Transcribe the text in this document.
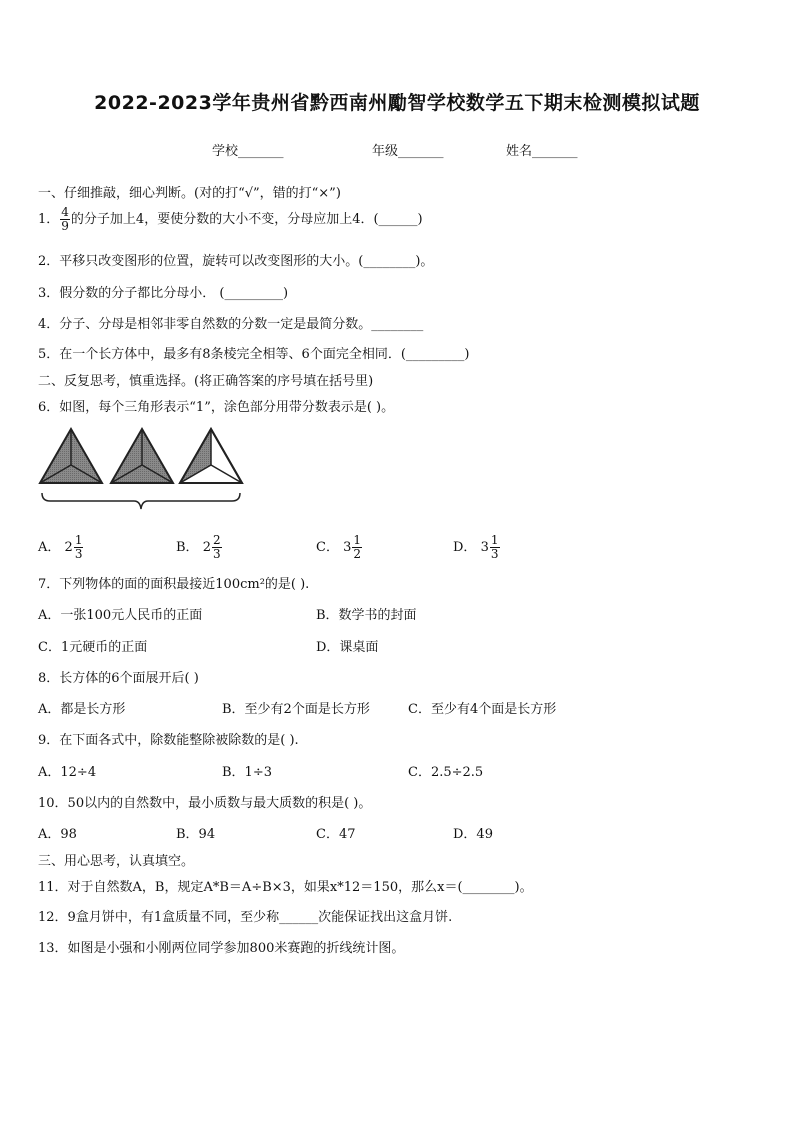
2022-2023学年贵州省黔西南州勵智学校数学五下期末检测模拟试题
学校_______	年级_______	姓名_______
一、仔细推敲，细心判断。(对的打“√”，错的打“×”)
1． $\frac{4}{9}$ 的分子加上4，要使分数的大小不变，分母应加上4．(______)
2．平移只改变图形的位置，旋转可以改变图形的大小。(________)。
3．假分数的分子都比分母小． (_________)
4．分子、分母是相邻非零自然数的分数一定是最简分数。________
5．在一个长方体中，最多有8条棱完全相等、6个面完全相同．(_________)
二、反复思考，慎重选择。(将正确答案的序号填在括号里)
6．如图，每个三角形表示“1”，涂色部分用带分数表示是( )。
A． $2 \frac{1}{3}$	B． $2 \frac{2}{3}$	C． $3 \frac{1}{2}$	D． $3 \frac{1}{3}$
7．下列物体的面的面积最接近100cm²的是( ).
A．一张100元人民币的正面	B．数学书的封面
C．1元硬币的正面	D．课桌面
8．长方体的6个面展开后( )
A．都是长方形	B．至少有2个面是长方形	C．至少有4个面是长方形
9．在下面各式中，除数能整除被除数的是( ).
A．12÷4	B．1÷3	C．2.5÷2.5
10．50以内的自然数中，最小质数与最大质数的积是( )。
A．98	B．94	C．47	D．49
三、用心思考，认真填空。
11．对于自然数A，B，规定A*B＝A÷B×3，如果x*12＝150，那么x＝(________)。
12．9盒月饼中，有1盒质量不同，至少称______次能保证找出这盒月饼.
13．如图是小强和小刚两位同学参加800米赛跑的折线统计图。
